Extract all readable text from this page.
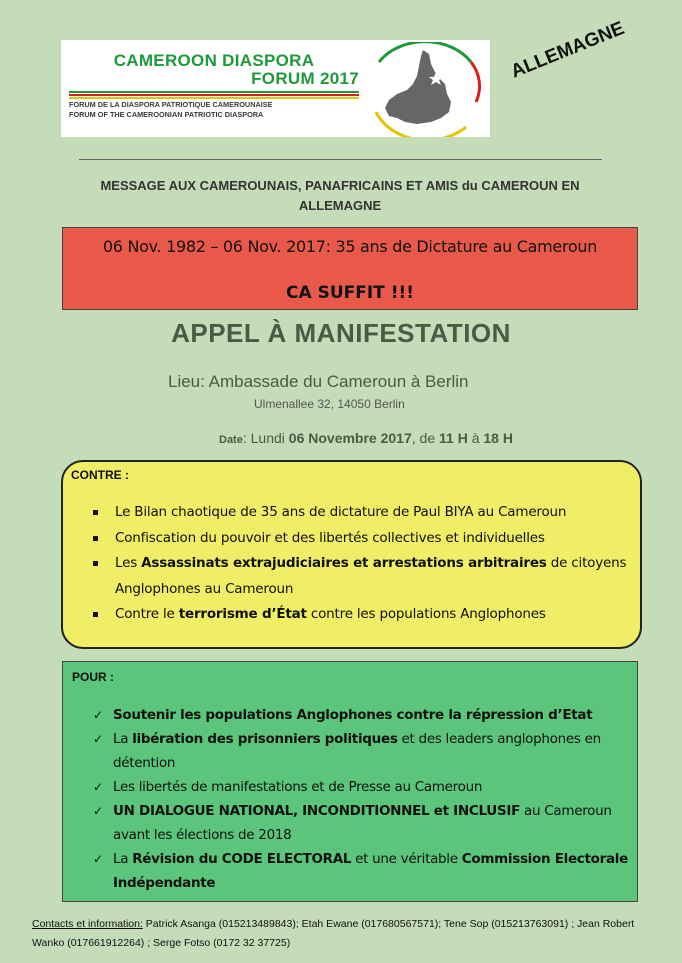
CAMEROON DIASPORA
FORUM 2017
FORUM DE LA DIASPORA PATRIOTIQUE CAMEROUNAISE
FORUM OF THE CAMEROONIAN PATRIOTIC DIASPORA
ALLEMAGNE
MESSAGE AUX CAMEROUNAIS, PANAFRICAINS ET AMIS du CAMEROUN EN ALLEMAGNE
06 Nov. 1982 – 06 Nov. 2017: 35 ans de Dictature au Cameroun
CA SUFFIT !!!
APPEL À MANIFESTATION
Lieu: Ambassade du Cameroun à Berlin
Ulmenallee 32, 14050 Berlin
Date: Lundi 06 Novembre 2017, de 11 H à 18 H
CONTRE :
Le Bilan chaotique de 35 ans de dictature de Paul BIYA au Cameroun
Confiscation du pouvoir et des libertés collectives et individuelles
Les Assassinats extrajudiciaires et arrestations arbitraires de citoyens Anglophones au Cameroun
Contre le terrorisme d’État contre les populations Anglophones
POUR :
✓ Soutenir les populations Anglophones contre la répression d’Etat
✓ La libération des prisonniers politiques et des leaders anglophones en détention
✓ Les libertés de manifestations et de Presse au Cameroun
✓ UN DIALOGUE NATIONAL, INCONDITIONNEL et INCLUSIF au Cameroun avant les élections de 2018
✓ La Révision du CODE ELECTORAL et une véritable Commission Electorale Indépendante
Contacts et information: Patrick Asanga (015213489843); Etah Ewane (017680567571); Tene Sop (015213763091) ; Jean Robert Wanko (017661912264) ; Serge Fotso (0172 32 37725)
